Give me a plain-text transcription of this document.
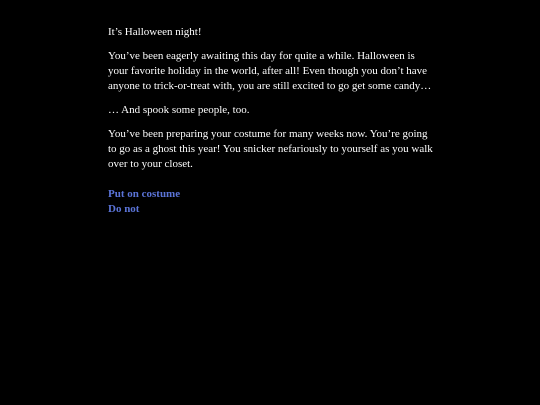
It’s Halloween night!

You’ve been eagerly awaiting this day for quite a while. Halloween is your favorite holiday in the world, after all! Even though you don’t have anyone to trick-or-treat with, you are still excited to go get some candy…

… And spook some people, too.

You’ve been preparing your costume for many weeks now. You’re going to go as a ghost this year! You snicker nefariously to yourself as you walk over to your closet.

Put on costume
Do not
